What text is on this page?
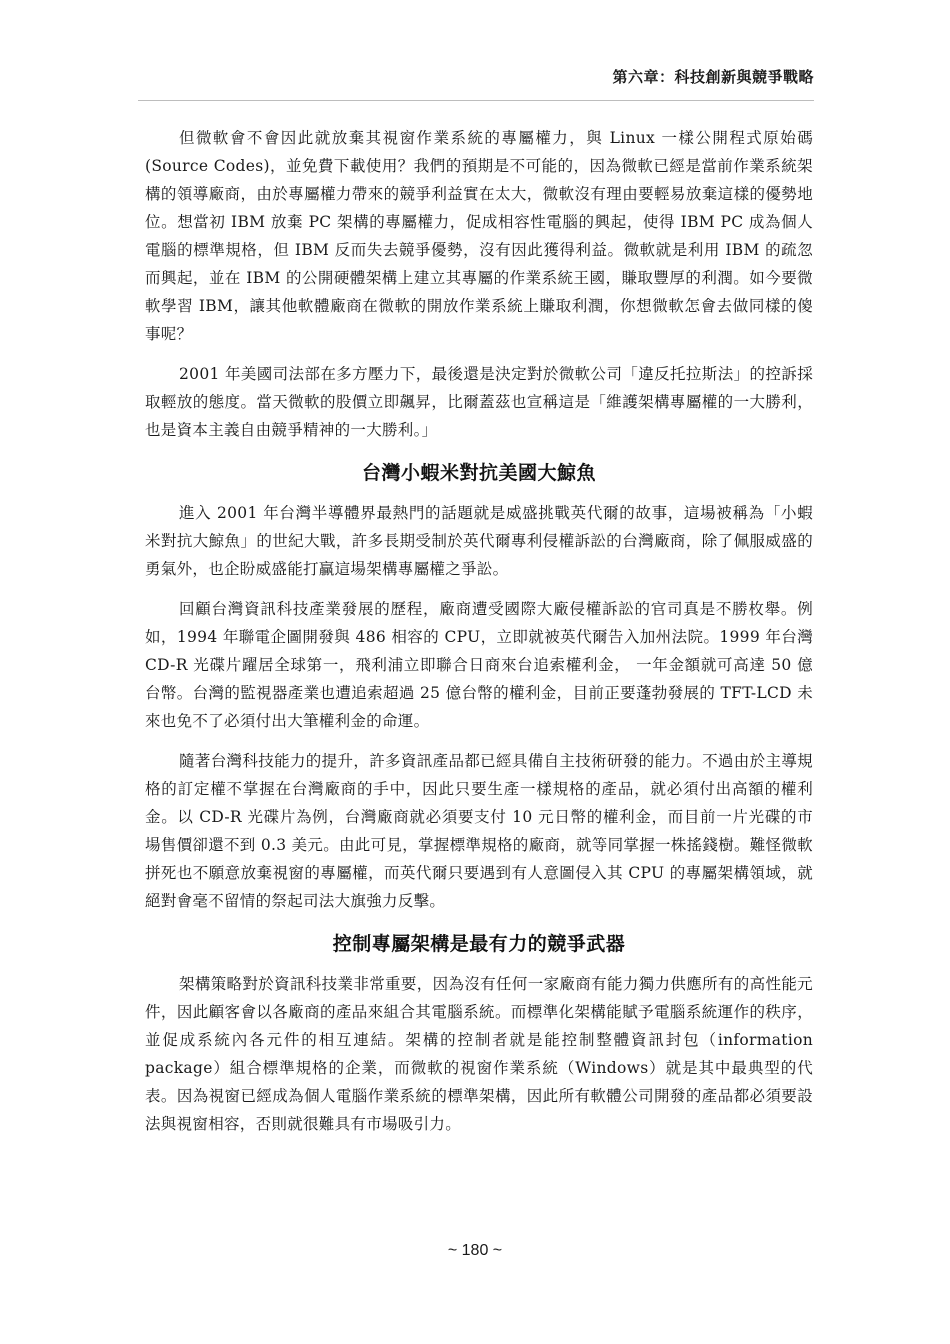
第六章：科技創新與競爭戰略

但微軟會不會因此就放棄其視窗作業系統的專屬權力，與 Linux 一樣公開程式原始碼 (Source Codes)，並免費下載使用？我們的預期是不可能的，因為微軟已經是當前作業系統架構的領導廠商，由於專屬權力帶來的競爭利益實在太大，微軟沒有理由要輕易放棄這樣的優勢地位。想當初 IBM 放棄 PC 架構的專屬權力，促成相容性電腦的興起，使得 IBM PC 成為個人電腦的標準規格，但 IBM 反而失去競爭優勢，沒有因此獲得利益。微軟就是利用 IBM 的疏忽而興起，並在 IBM 的公開硬體架構上建立其專屬的作業系統王國，賺取豐厚的利潤。如今要微軟學習 IBM，讓其他軟體廠商在微軟的開放作業系統上賺取利潤，你想微軟怎會去做同樣的傻事呢？

2001 年美國司法部在多方壓力下，最後還是決定對於微軟公司「違反托拉斯法」的控訴採取輕放的態度。當天微軟的股價立即飆昇，比爾蓋茲也宣稱這是「維護架構專屬權的一大勝利，也是資本主義自由競爭精神的一大勝利。」

台灣小蝦米對抗美國大鯨魚

進入 2001 年台灣半導體界最熱門的話題就是威盛挑戰英代爾的故事，這場被稱為「小蝦米對抗大鯨魚」的世紀大戰，許多長期受制於英代爾專利侵權訴訟的台灣廠商，除了佩服威盛的勇氣外，也企盼威盛能打贏這場架構專屬權之爭訟。

回顧台灣資訊科技產業發展的歷程，廠商遭受國際大廠侵權訴訟的官司真是不勝枚舉。例如，1994 年聯電企圖開發與 486 相容的 CPU，立即就被英代爾告入加州法院。1999 年台灣 CD-R 光碟片躍居全球第一，飛利浦立即聯合日商來台追索權利金， 一年金額就可高達 50 億台幣。台灣的監視器產業也遭追索超過 25 億台幣的權利金，目前正要蓬勃發展的 TFT-LCD 未來也免不了必須付出大筆權利金的命運。

隨著台灣科技能力的提升，許多資訊產品都已經具備自主技術研發的能力。不過由於主導規格的訂定權不掌握在台灣廠商的手中，因此只要生產一樣規格的產品，就必須付出高額的權利金。以 CD-R 光碟片為例，台灣廠商就必須要支付 10 元日幣的權利金，而目前一片光碟的市場售價卻還不到 0.3 美元。由此可見，掌握標準規格的廠商，就等同掌握一株搖錢樹。難怪微軟拼死也不願意放棄視窗的專屬權，而英代爾只要遇到有人意圖侵入其 CPU 的專屬架構領域，就絕對會毫不留情的祭起司法大旗強力反擊。

控制專屬架構是最有力的競爭武器

架構策略對於資訊科技業非常重要，因為沒有任何一家廠商有能力獨力供應所有的高性能元件，因此顧客會以各廠商的產品來組合其電腦系統。而標準化架構能賦予電腦系統運作的秩序，並促成系統內各元件的相互連結。架構的控制者就是能控制整體資訊封包（information package）組合標準規格的企業，而微軟的視窗作業系統（Windows）就是其中最典型的代表。因為視窗已經成為個人電腦作業系統的標準架構，因此所有軟體公司開發的產品都必須要設法與視窗相容，否則就很難具有市場吸引力。

~ 180 ~
